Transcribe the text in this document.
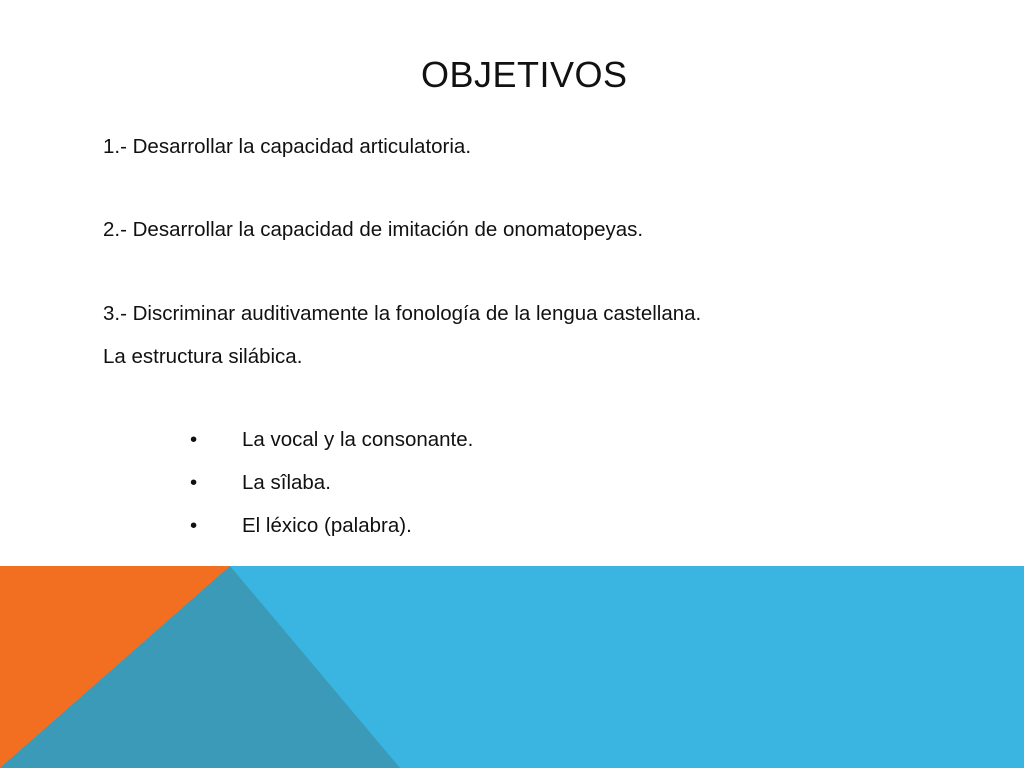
OBJETIVOS
1.- Desarrollar la capacidad articulatoria.
2.- Desarrollar la capacidad de imitación de onomatopeyas.
3.- Discriminar auditivamente la fonología de la lengua castellana.
La estructura silábica.
• La vocal y la consonante.
• La sîlaba.
• El léxico (palabra).
